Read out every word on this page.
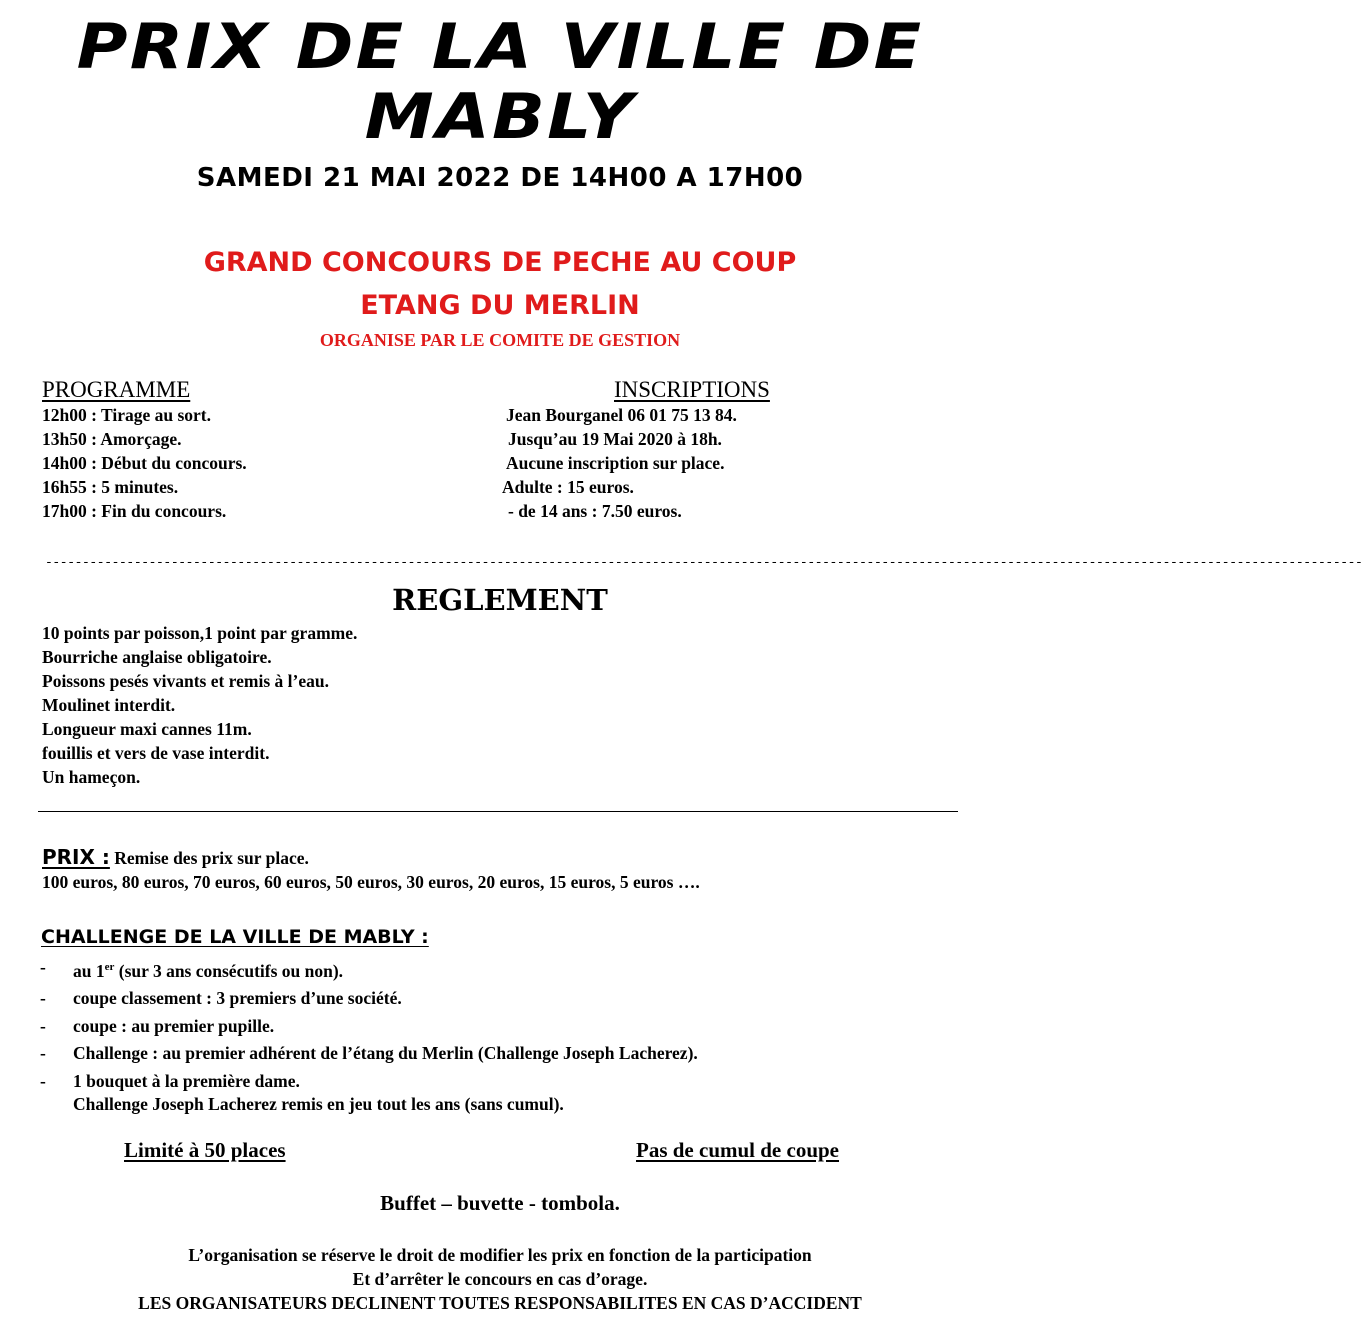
PRIX DE LA VILLE DE
MABLY
SAMEDI 21 MAI 2022 DE 14H00 A 17H00
GRAND CONCOURS DE PECHE AU COUP
ETANG DU MERLIN
ORGANISE PAR LE COMITE DE GESTION
PROGRAMME
12h00 : Tirage au sort.
13h50 : Amorçage.
14h00 : Début du concours.
16h55 : 5 minutes.
17h00 : Fin du concours.
INSCRIPTIONS
Jean Bourganel 06 01 75 13 84.
Jusqu’au 19 Mai 2020 à 18h.
Aucune inscription sur place.
Adulte : 15 euros.
- de 14 ans : 7.50 euros.
----------------------------------------------------------------------------------------------------------------------------------------------------------------------------------
REGLEMENT
10 points par poisson,1 point par gramme.
Bourriche anglaise obligatoire.
Poissons pesés vivants et remis à l’eau.
Moulinet interdit.
Longueur maxi cannes 11m.
fouillis et vers de vase interdit.
Un hameçon.
PRIX : Remise des prix sur place.
100 euros, 80 euros, 70 euros, 60 euros, 50 euros, 30 euros, 20 euros, 15 euros, 5 euros ….
CHALLENGE DE LA VILLE DE MABLY :
-	au 1er (sur 3 ans consécutifs ou non).
-	coupe classement : 3 premiers d’une société.
-	coupe : au premier pupille.
-	Challenge : au premier adhérent de l’étang du Merlin (Challenge Joseph Lacherez).
-	1 bouquet à la première dame.
Challenge Joseph Lacherez remis en jeu tout les ans (sans cumul).
Limité à 50 places	Pas de cumul de coupe
Buffet – buvette - tombola.
L’organisation se réserve le droit de modifier les prix en fonction de la participation
Et d’arrêter le concours en cas d’orage.
LES ORGANISATEURS DECLINENT TOUTES RESPONSABILITES EN CAS D’ACCIDENT
